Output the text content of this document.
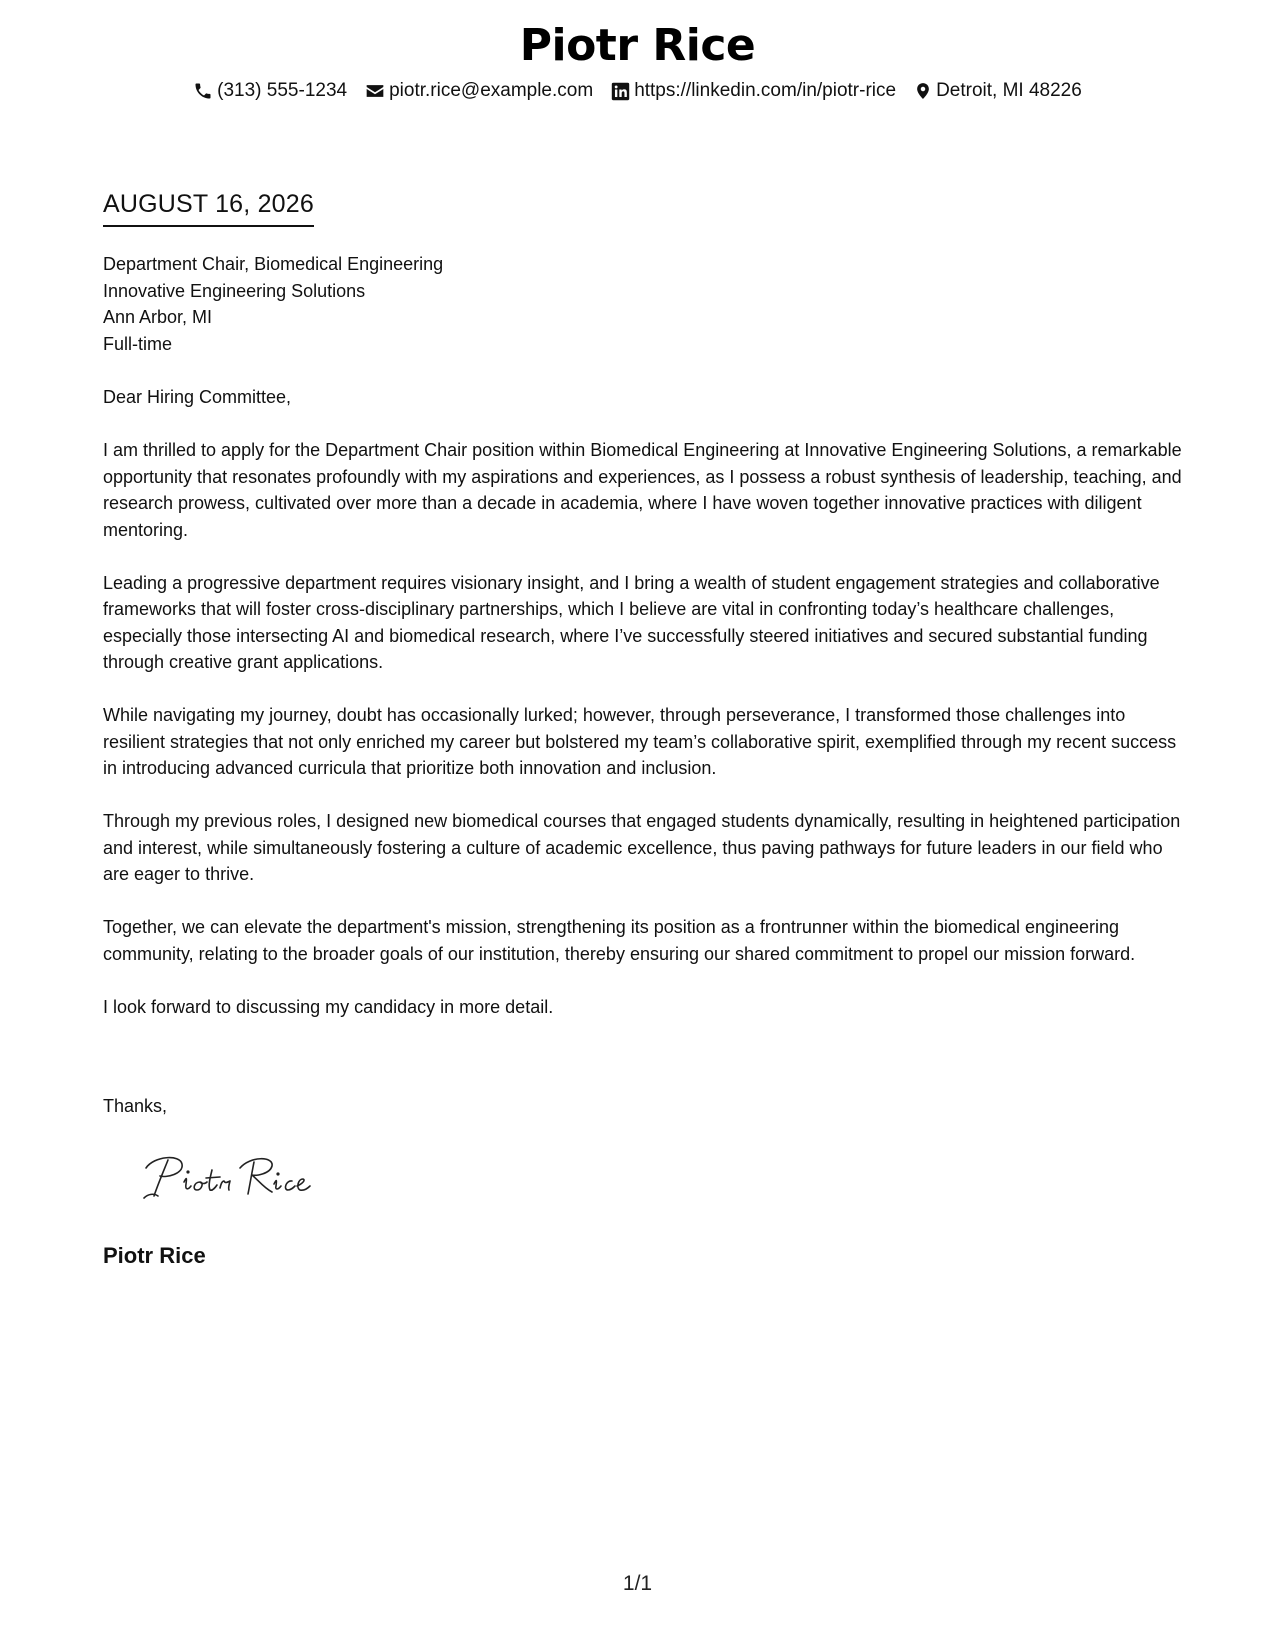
Piotr Rice
(313) 555-1234 piotr.rice@example.com https://linkedin.com/in/piotr-rice Detroit, MI 48226
AUGUST 16, 2026
Department Chair, Biomedical Engineering
Innovative Engineering Solutions
Ann Arbor, MI
Full-time

Dear Hiring Committee,

I am thrilled to apply for the Department Chair position within Biomedical Engineering at Innovative Engineering Solutions, a remarkable opportunity that resonates profoundly with my aspirations and experiences, as I possess a robust synthesis of leadership, teaching, and research prowess, cultivated over more than a decade in academia, where I have woven together innovative practices with diligent mentoring.

Leading a progressive department requires visionary insight, and I bring a wealth of student engagement strategies and collaborative frameworks that will foster cross-disciplinary partnerships, which I believe are vital in confronting today’s healthcare challenges, especially those intersecting AI and biomedical research, where I’ve successfully steered initiatives and secured substantial funding through creative grant applications.

While navigating my journey, doubt has occasionally lurked; however, through perseverance, I transformed those challenges into resilient strategies that not only enriched my career but bolstered my team’s collaborative spirit, exemplified through my recent success in introducing advanced curricula that prioritize both innovation and inclusion.

Through my previous roles, I designed new biomedical courses that engaged students dynamically, resulting in heightened participation and interest, while simultaneously fostering a culture of academic excellence, thus paving pathways for future leaders in our field who are eager to thrive.

Together, we can elevate the department's mission, strengthening its position as a frontrunner within the biomedical engineering community, relating to the broader goals of our institution, thereby ensuring our shared commitment to propel our mission forward.

I look forward to discussing my candidacy in more detail.

Thanks,
Piotr Rice
1/1
